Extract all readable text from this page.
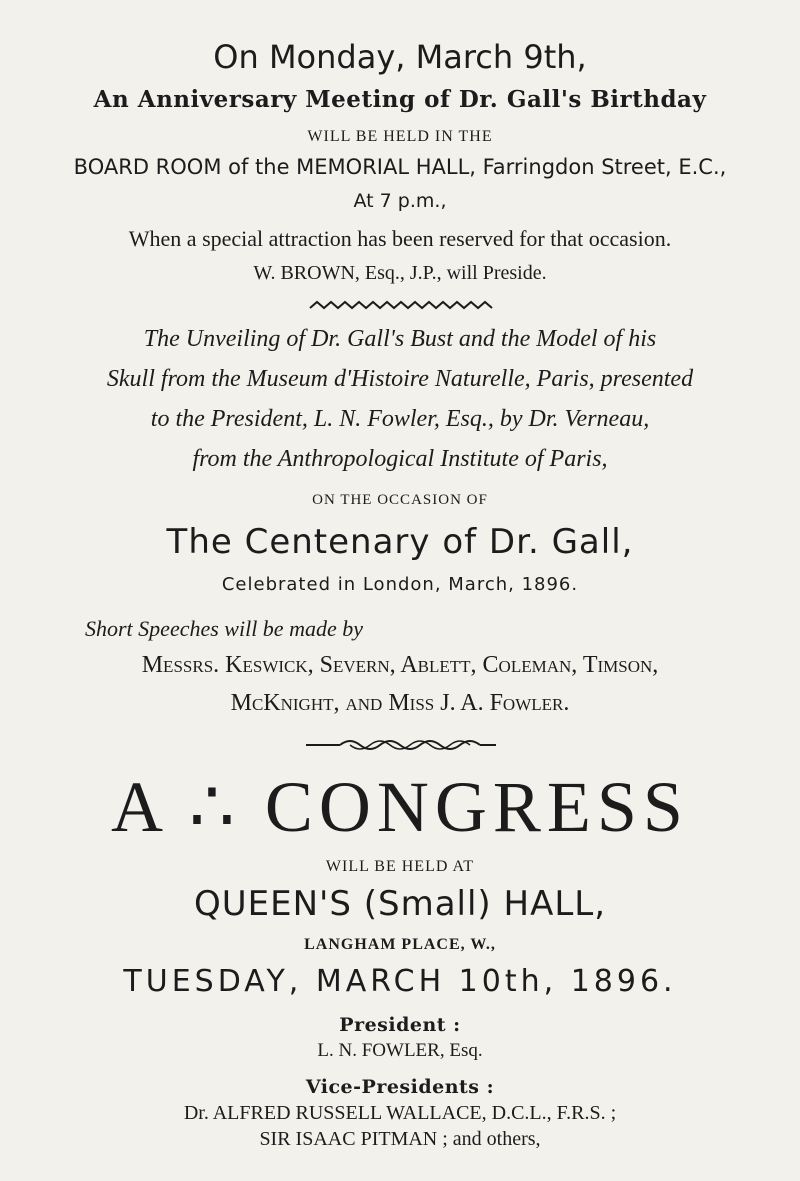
On Monday, March 9th,
An Anniversary Meeting of Dr. Gall's Birthday
WILL BE HELD IN THE
BOARD ROOM of the MEMORIAL HALL, Farringdon Street, E.C.,
At 7 p.m.,
When a special attraction has been reserved for that occasion.
W. BROWN, Esq., J.P., will Preside.
The Unveiling of Dr. Gall's Bust and the Model of his
Skull from the Museum d'Histoire Naturelle, Paris, presented
to the President, L. N. Fowler, Esq., by Dr. Verneau,
from the Anthropological Institute of Paris,
ON THE OCCASION OF
The Centenary of Dr. Gall,
Celebrated in London, March, 1896.
Short Speeches will be made by
Messrs. Keswick, Severn, Ablett, Coleman, Timson,
McKnight, and Miss J. A. Fowler.
A ∴ CONGRESS
WILL BE HELD AT
QUEEN'S (Small) HALL,
LANGHAM PLACE, W.,
TUESDAY, MARCH 10th, 1896.
President :
L. N. FOWLER, Esq.
Vice-Presidents :
Dr. ALFRED RUSSELL WALLACE, D.C.L., F.R.S. ;
SIR ISAAC PITMAN ; and others,
